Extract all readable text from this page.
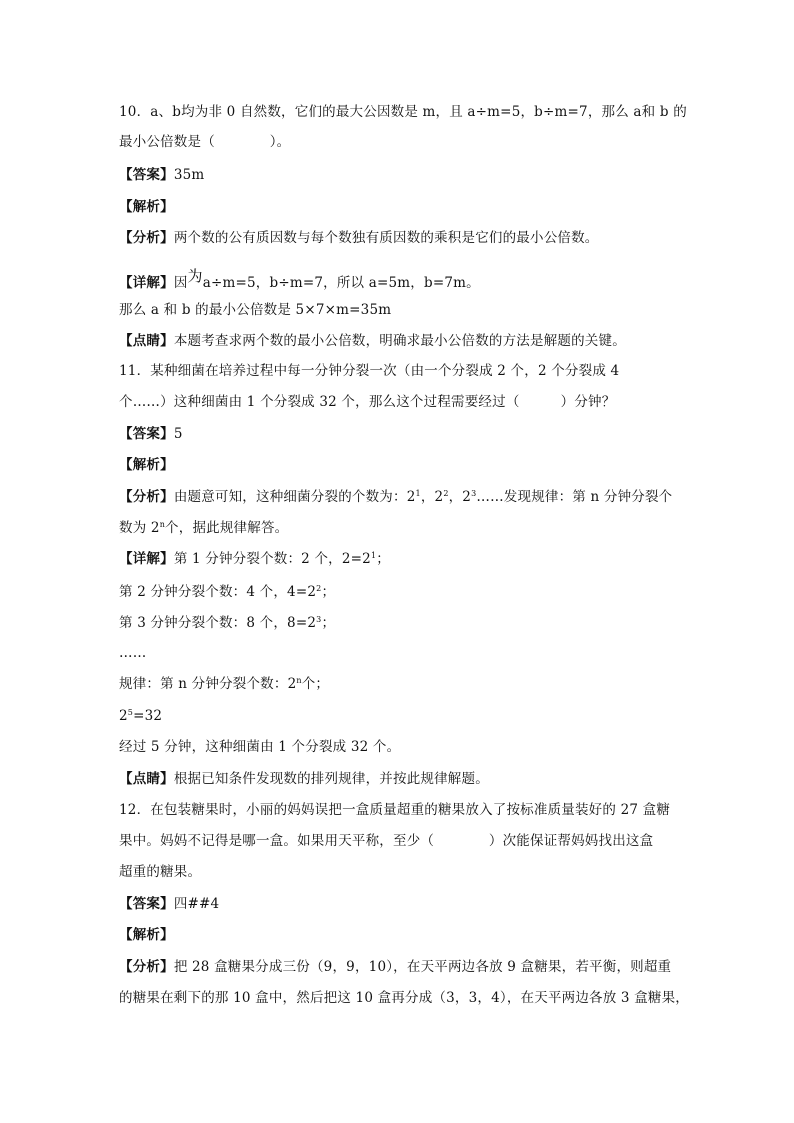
10．a、b均为非 0 自然数，它们的最大公因数是 m，且 a÷m=5，b÷m=7，那么 a和 b 的
最小公倍数是（　　　　）。
【答案】35m
【解析】
【分析】两个数的公有质因数与每个数独有质因数的乘积是它们的最小公倍数。
【详解】因为a÷m=5，b÷m=7，所以 a=5m，b=7m。
那么 a 和 b 的最小公倍数是 5×7×m=35m
【点睛】本题考查求两个数的最小公倍数，明确求最小公倍数的方法是解题的关键。
11．某种细菌在培养过程中每一分钟分裂一次（由一个分裂成 2 个，2 个分裂成 4
个……）这种细菌由 1 个分裂成 32 个，那么这个过程需要经过（　　　）分钟？
【答案】5
【解析】
【分析】由题意可知，这种细菌分裂的个数为：$2^1$，$2^2$，$2^3\dots\dots$发现规律：第 n 分钟分裂个
数为 2$^n$个，据此规律解答。
【详解】第 1 分钟分裂个数：2 个，$2=2^1$；
第 2 分钟分裂个数：4 个，$4=2^2$；
第 3 分钟分裂个数：8 个，$8=2^3$；
……
规律：第 n 分钟分裂个数：2$^n$个；
$2^5=32$
经过 5 分钟，这种细菌由 1 个分裂成 32 个。
【点睛】根据已知条件发现数的排列规律，并按此规律解题。
12．在包装糖果时，小丽的妈妈误把一盒质量超重的糖果放入了按标准质量装好的 27 盒糖
果中。妈妈不记得是哪一盒。如果用天平称，至少（　　　　）次能保证帮妈妈找出这盒
超重的糖果。
【答案】四##4
【解析】
【分析】把 28 盒糖果分成三份（9，9，10），在天平两边各放 9 盒糖果，若平衡，则超重
的糖果在剩下的那 10 盒中，然后把这 10 盒再分成（3，3，4），在天平两边各放 3 盒糖果，
